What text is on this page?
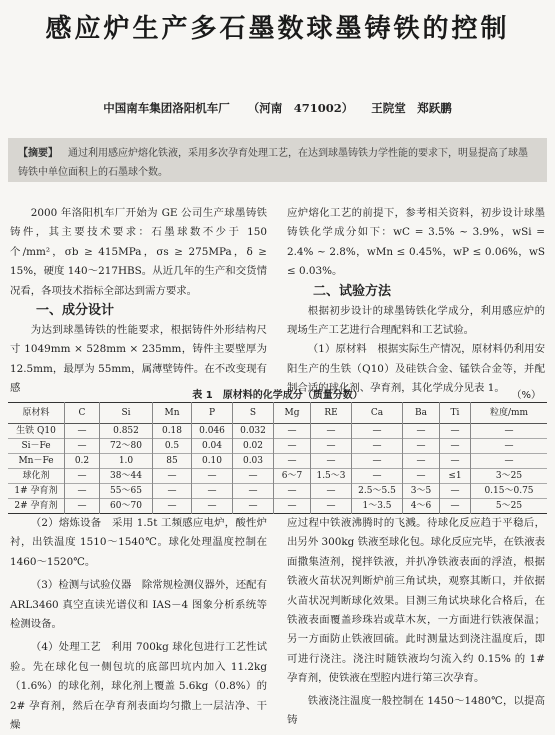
感应炉生产多石墨数球墨铸铁的控制
中国南车集团洛阳机车厂 （河南　471002） 王院堂　郑跃鹏
【摘要】 通过利用感应炉熔化铁液，采用多次孕育处理工艺，在达到球墨铸铁力学性能的要求下，明显提高了球墨铸铁中单位面积上的石墨球个数。

2000 年洛阳机车厂开始为 GE 公司生产球墨铸铁铸件，其主要技术要求：石墨球数不少于 150 个/mm²，σb ≥ 415MPa，σs ≥ 275MPa，δ ≥ 15%，硬度 140～217HBS。从近几年的生产和交货情况看，各项技术指标全部达到需方要求。

一、成分设计

为达到球墨铸铁的性能要求，根据铸件外形结构尺寸 1049mm × 528mm × 235mm，铸件主要壁厚为 12.5mm，最厚为 55mm，属薄壁铸件。在不改变现有感

应炉熔化工艺的前提下，参考相关资料，初步设计球墨铸铁化学成分如下：wC = 3.5% ~ 3.9%，wSi = 2.4% ~ 2.8%，wMn ≤ 0.45%，wP ≤ 0.06%，wS ≤ 0.03%。

二、试验方法

根据初步设计的球墨铸铁化学成分，利用感应炉的现场生产工艺进行合理配料和工艺试验。

（1）原材料　根据实际生产情况，原材料仍利用安阳生产的生铁（Q10）及硅铁合金、锰铁合金等，并配制合适的球化剂、孕育剂，其化学成分见表 1。

表 1　原材料的化学成分（质量分数）	（%）
原材料	C	Si	Mn	P	S	Mg	RE	Ca	Ba	Ti	粒度/mm
生铁 Q10	—	0.852	0.18	0.046	0.032	—	—	—	—	—	—
Si－Fe	—	72～80	0.5	0.04	0.02	—	—	—	—	—	—
Mn－Fe	0.2	1.0	85	0.10	0.03	—	—	—	—	—	—
球化剂	—	38～44	—	—	—	6～7	1.5～3	—	—	≤1	3～25
1# 孕育剂	—	55～65	—	—	—	—	—	2.5～5.5	3～5	—	0.15～0.75
2# 孕育剂	—	60～70	—	—	—	—	—	1～3.5	4～6	—	5～25

（2）熔炼设备　采用 1.5t 工频感应电炉，酸性炉衬，出铁温度 1510～1540℃。球化处理温度控制在 1460～1520℃。

（3）检测与试验仪器　除常规检测仪器外，还配有 ARL3460 真空直读光谱仪和 IAS－4 图象分析系统等检测设备。

（4）处理工艺　利用 700kg 球化包进行工艺性试验。先在球化包一侧包坑的底部凹坑内加入 11.2kg（1.6%）的球化剂，球化剂上覆盖 5.6kg（0.8%）的 2# 孕育剂，然后在孕育剂表面均匀撒上一层洁净、干燥

应过程中铁液沸腾时的飞溅。待球化反应趋于平稳后，出另外 300kg 铁液至球化包。球化反应完毕，在铁液表面撒集渣剂，搅拌铁液，并扒净铁液表面的浮渣，根据铁液火苗状况判断炉前三角试块，观察其断口，并依据火苗状况判断球化效果。目测三角试块球化合格后，在铁液表面覆盖珍珠岩或草木灰，一方面进行铁液保温；另一方面防止铁液回硫。此时测量达到浇注温度后，即可进行浇注。浇注时随铁液均匀流入约 0.15% 的 1# 孕育剂，使铁液在型腔内进行第三次孕育。

铁液浇注温度一般控制在 1450～1480℃，以提高铸
